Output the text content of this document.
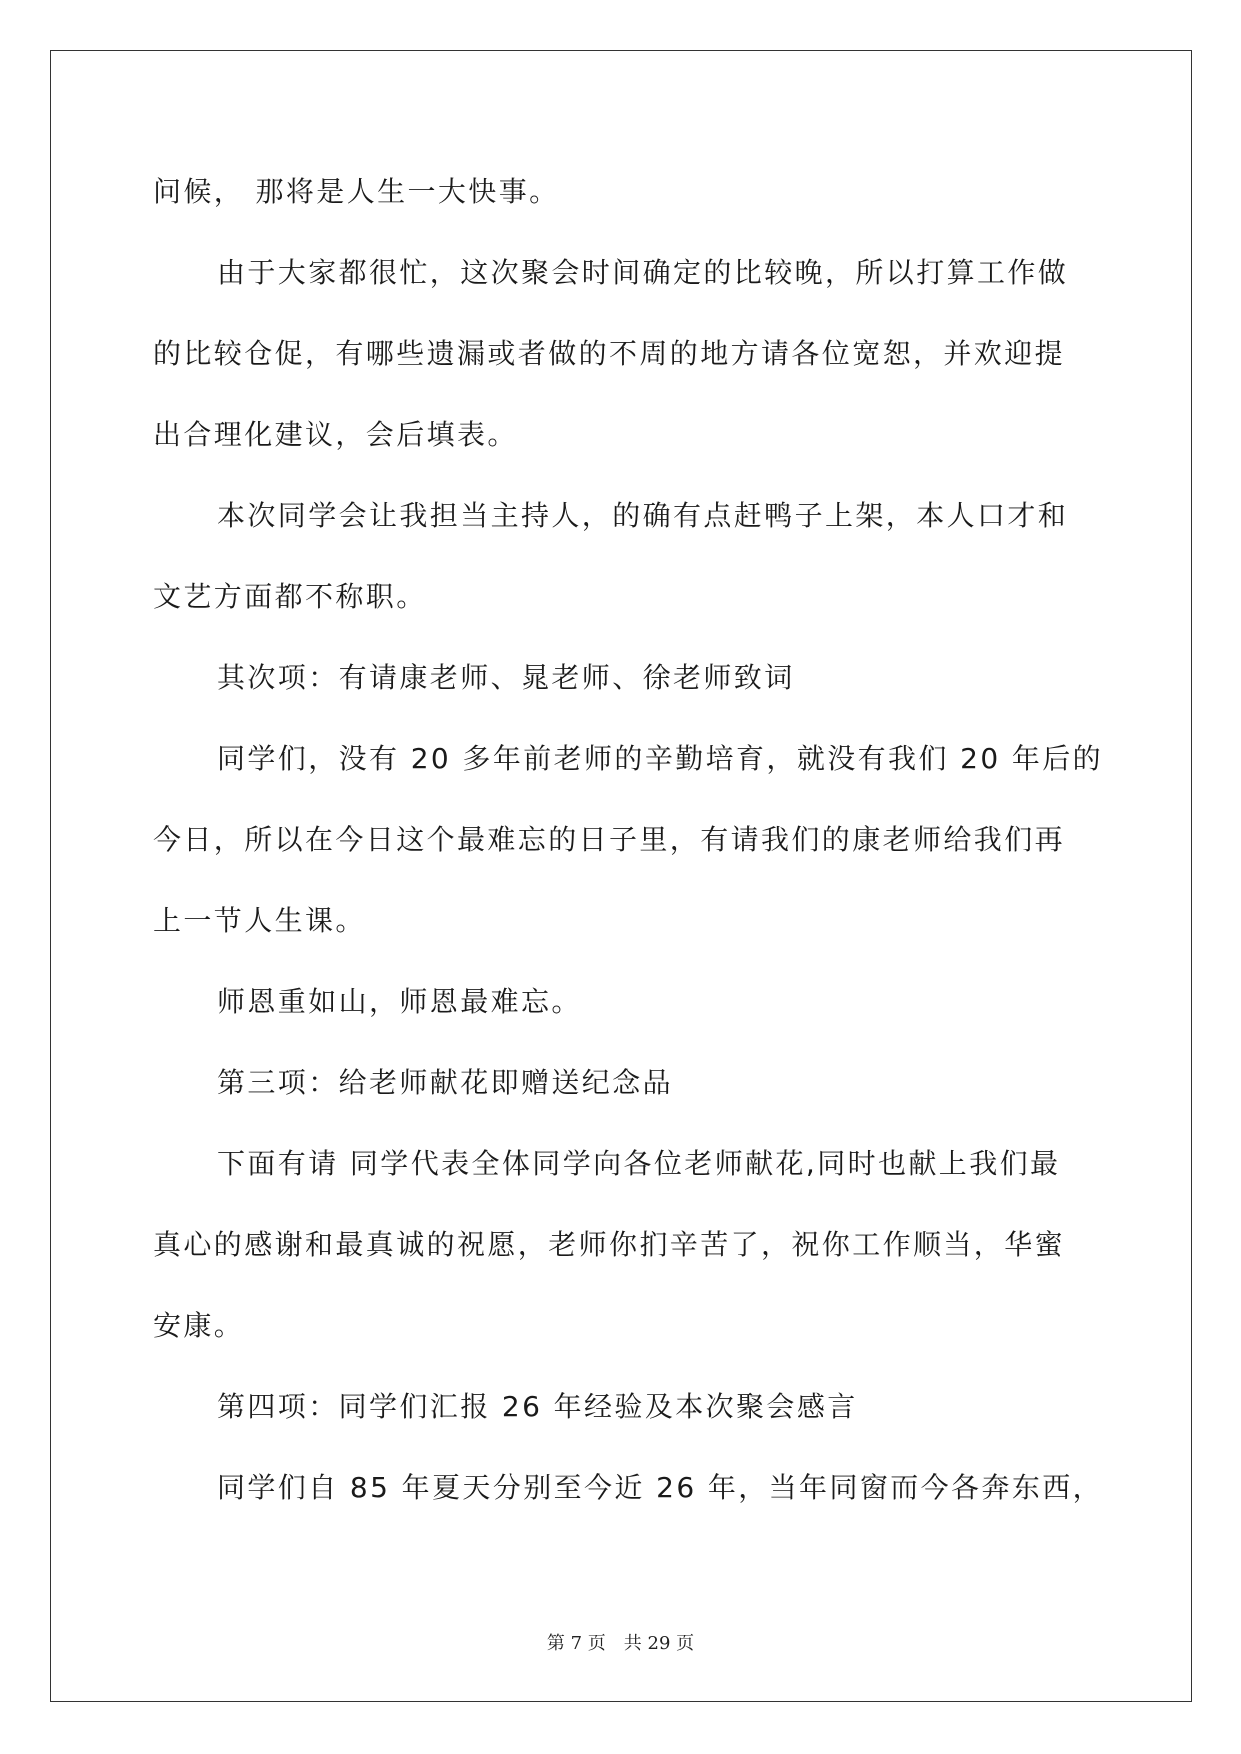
问候， 那将是人生一大快事。
由于大家都很忙，这次聚会时间确定的比较晚，所以打算工作做
的比较仓促，有哪些遗漏或者做的不周的地方请各位宽恕，并欢迎提
出合理化建议，会后填表。
本次同学会让我担当主持人，的确有点赶鸭子上架，本人口才和
文艺方面都不称职。
其次项：有请康老师、晁老师、徐老师致词
同学们，没有 20 多年前老师的辛勤培育，就没有我们 20 年后的
今日，所以在今日这个最难忘的日子里，有请我们的康老师给我们再
上一节人生课。
师恩重如山，师恩最难忘。
第三项：给老师献花即赠送纪念品
下面有请 同学代表全体同学向各位老师献花,同时也献上我们最
真心的感谢和最真诚的祝愿，老师你扪辛苦了，祝你工作顺当，华蜜
安康。
第四项：同学们汇报 26 年经验及本次聚会感言
同学们自 85 年夏天分别至今近 26 年，当年同窗而今各奔东西，
第 7 页 共 29 页
